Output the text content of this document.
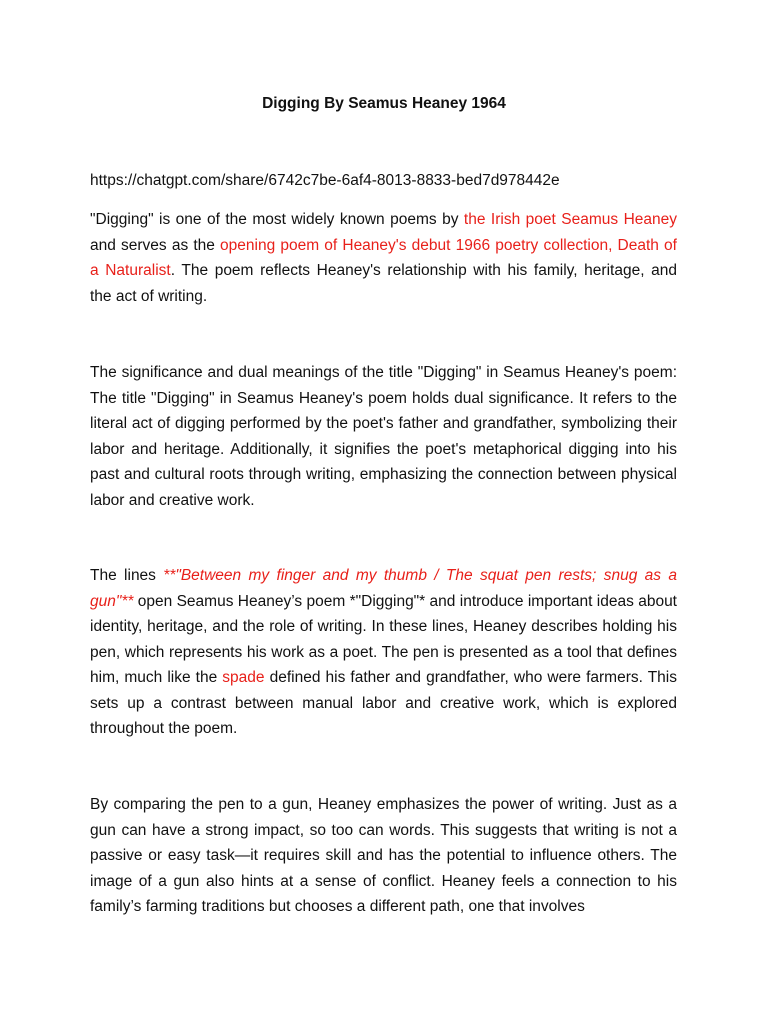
Digging By Seamus Heaney 1964
https://chatgpt.com/share/6742c7be-6af4-8013-8833-bed7d978442e

"Digging" is one of the most widely known poems by the Irish poet Seamus Heaney and serves as the opening poem of Heaney's debut 1966 poetry collection, Death of a Naturalist. The poem reflects Heaney's relationship with his family, heritage, and the act of writing.

The significance and dual meanings of the title "Digging" in Seamus Heaney's poem: The title "Digging" in Seamus Heaney's poem holds dual significance. It refers to the literal act of digging performed by the poet's father and grandfather, symbolizing their labor and heritage. Additionally, it signifies the poet's metaphorical digging into his past and cultural roots through writing, emphasizing the connection between physical labor and creative work.

The lines **"Between my finger and my thumb / The squat pen rests; snug as a gun"** open Seamus Heaney’s poem *"Digging"* and introduce important ideas about identity, heritage, and the role of writing. In these lines, Heaney describes holding his pen, which represents his work as a poet. The pen is presented as a tool that defines him, much like the spade defined his father and grandfather, who were farmers. This sets up a contrast between manual labor and creative work, which is explored throughout the poem.

By comparing the pen to a gun, Heaney emphasizes the power of writing. Just as a gun can have a strong impact, so too can words. This suggests that writing is not a passive or easy task—it requires skill and has the potential to influence others. The image of a gun also hints at a sense of conflict. Heaney feels a connection to his family’s farming traditions but chooses a different path, one that involves
